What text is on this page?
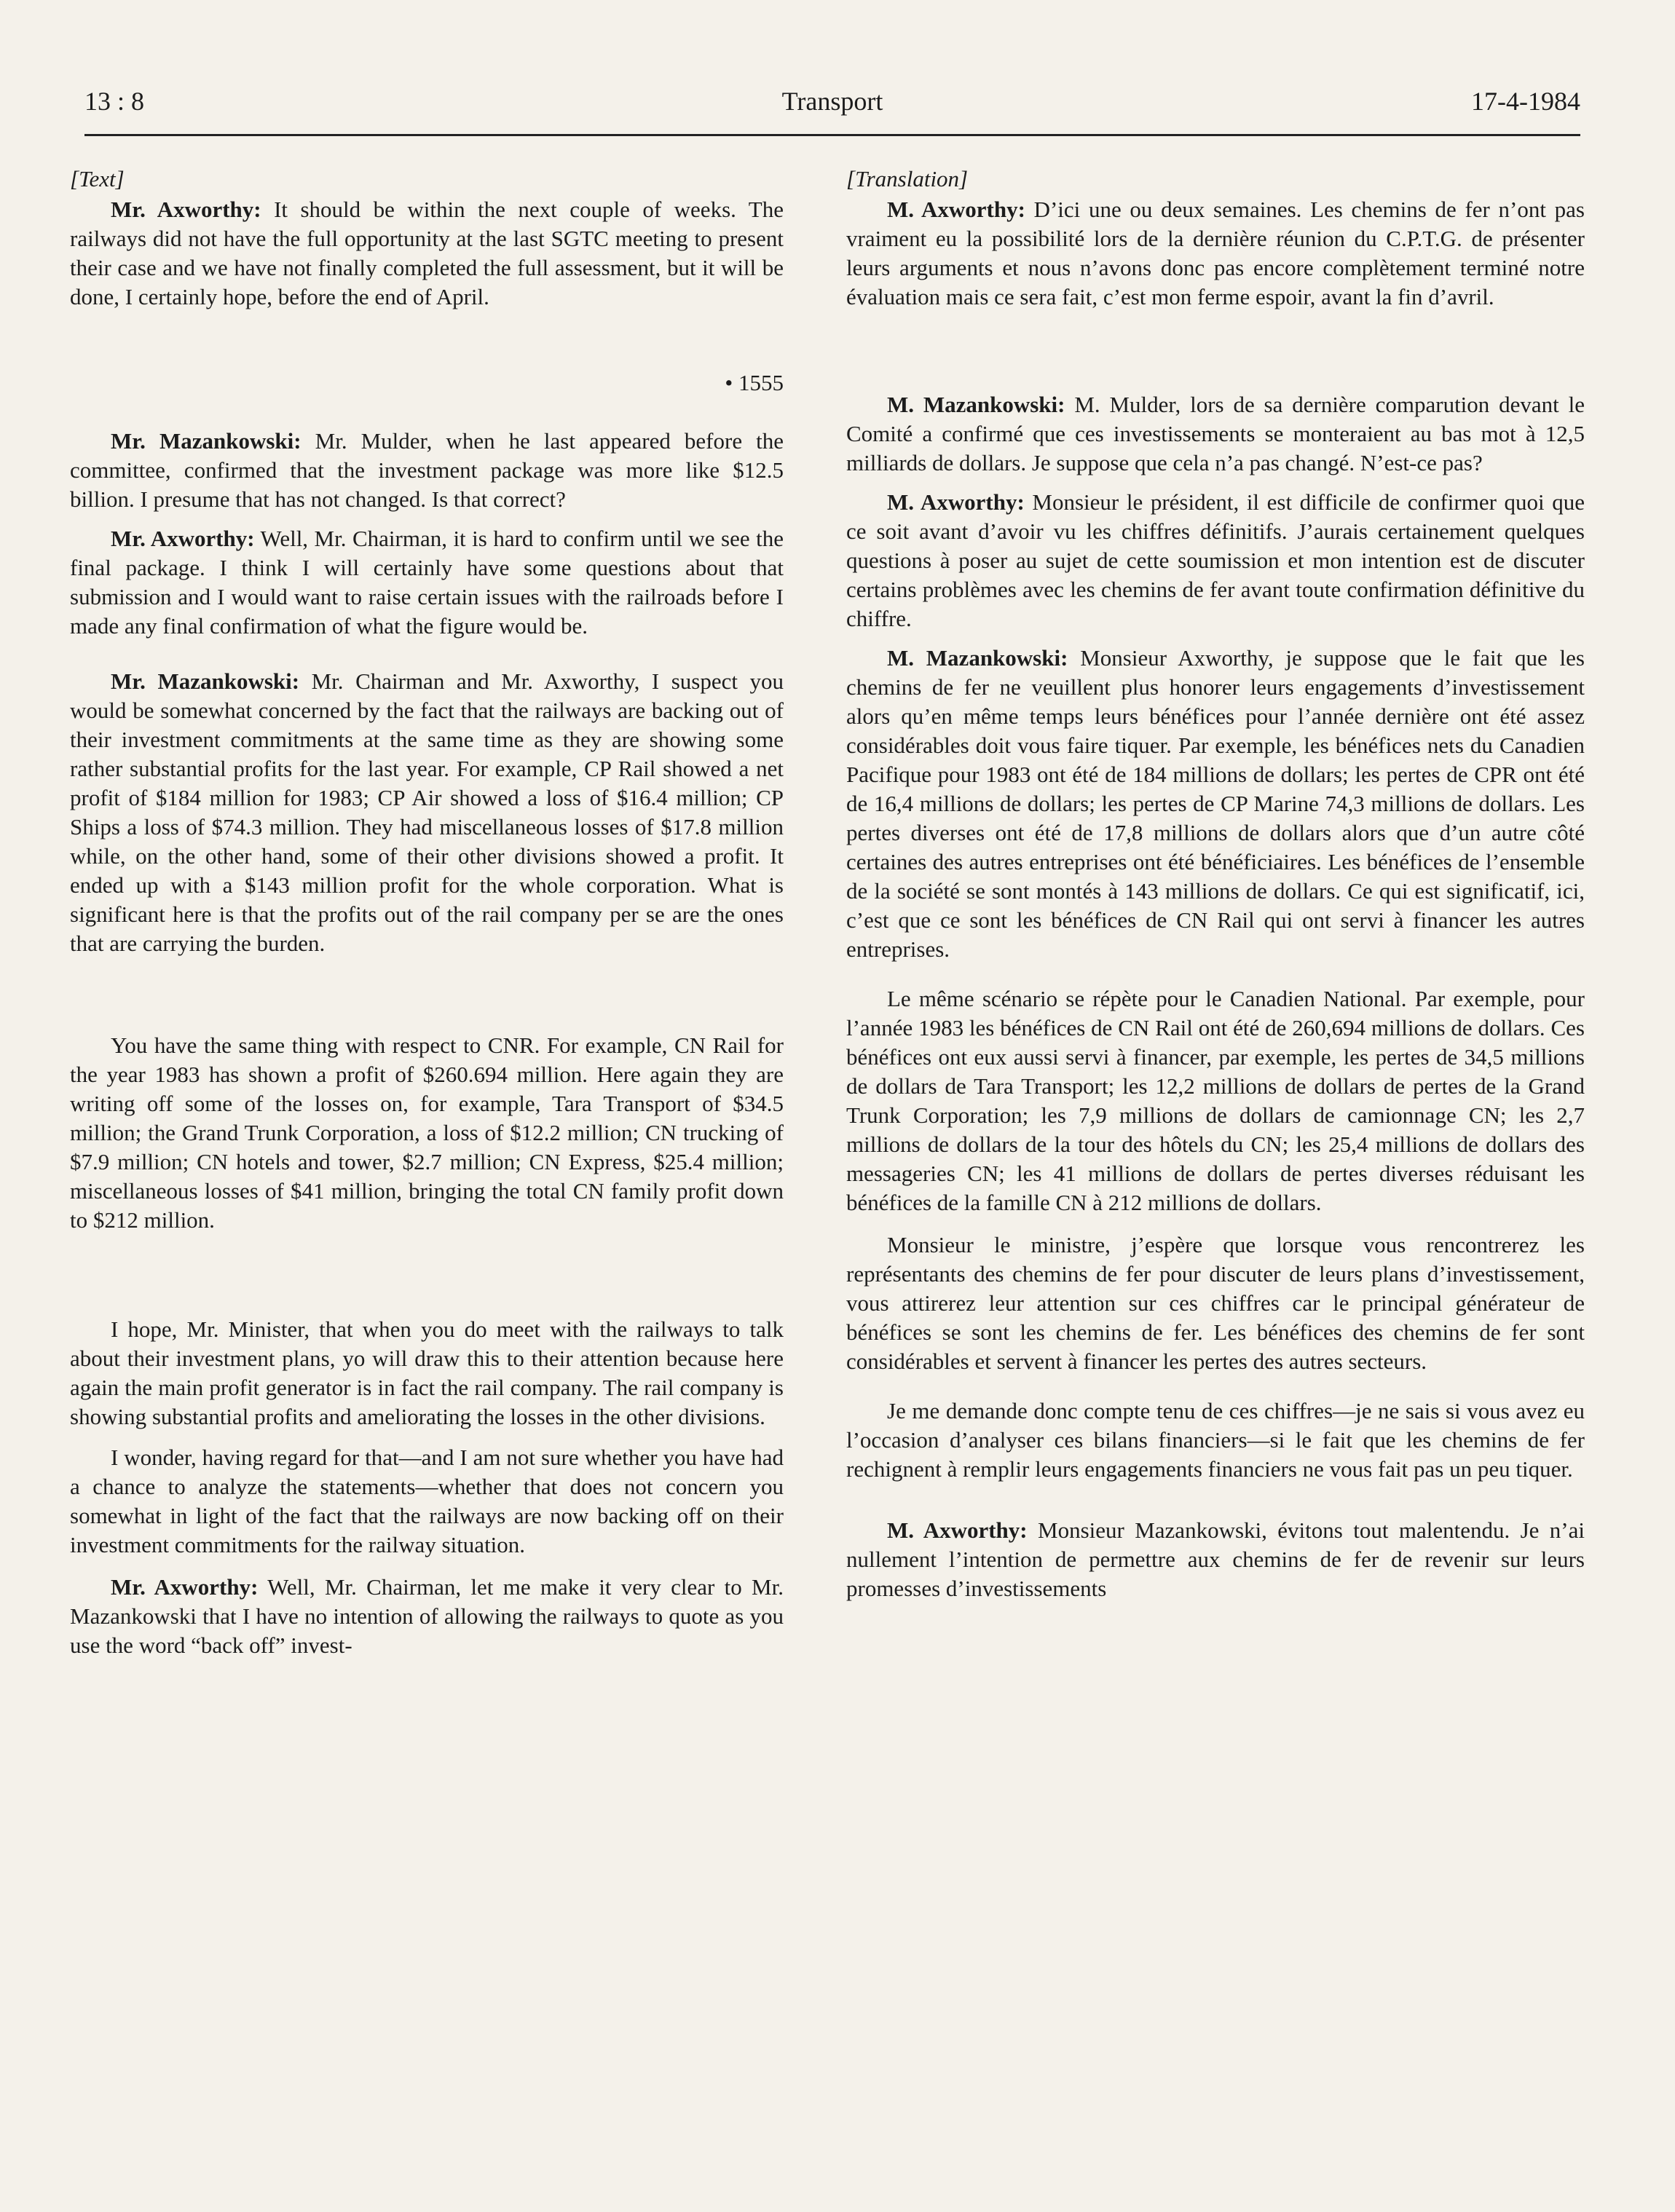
13 : 8	Transport	17-4-1984

[Text]

Mr. Axworthy: It should be within the next couple of weeks. The railways did not have the full opportunity at the last SGTC meeting to present their case and we have not finally completed the full assessment, but it will be done, I certainly hope, before the end of April.

• 1555

Mr. Mazankowski: Mr. Mulder, when he last appeared before the committee, confirmed that the investment package was more like $12.5 billion. I presume that has not changed. Is that correct?

Mr. Axworthy: Well, Mr. Chairman, it is hard to confirm until we see the final package. I think I will certainly have some questions about that submission and I would want to raise certain issues with the railroads before I made any final confirmation of what the figure would be.

Mr. Mazankowski: Mr. Chairman and Mr. Axworthy, I suspect you would be somewhat concerned by the fact that the railways are backing out of their investment commitments at the same time as they are showing some rather substantial profits for the last year. For example, CP Rail showed a net profit of $184 million for 1983; CP Air showed a loss of $16.4 million; CP Ships a loss of $74.3 million. They had miscellaneous losses of $17.8 million while, on the other hand, some of their other divisions showed a profit. It ended up with a $143 million profit for the whole corporation. What is significant here is that the profits out of the rail company per se are the ones that are carrying the burden.

You have the same thing with respect to CNR. For example, CN Rail for the year 1983 has shown a profit of $260.694 million. Here again they are writing off some of the losses on, for example, Tara Transport of $34.5 million; the Grand Trunk Corporation, a loss of $12.2 million; CN trucking of $7.9 million; CN hotels and tower, $2.7 million; CN Express, $25.4 million; miscellaneous losses of $41 million, bringing the total CN family profit down to $212 million.

I hope, Mr. Minister, that when you do meet with the railways to talk about their investment plans, yo will draw this to their attention because here again the main profit generator is in fact the rail company. The rail company is showing substantial profits and ameliorating the losses in the other divisions.

I wonder, having regard for that—and I am not sure whether you have had a chance to analyze the statements—whether that does not concern you somewhat in light of the fact that the railways are now backing off on their investment commitments for the railway situation.

Mr. Axworthy: Well, Mr. Chairman, let me make it very clear to Mr. Mazankowski that I have no intention of allowing the railways to quote as you use the word “back off” invest-

[Translation]

M. Axworthy: D’ici une ou deux semaines. Les chemins de fer n’ont pas vraiment eu la possibilité lors de la dernière réunion du C.P.T.G. de présenter leurs arguments et nous n’avons donc pas encore complètement terminé notre évaluation mais ce sera fait, c’est mon ferme espoir, avant la fin d’avril.

M. Mazankowski: M. Mulder, lors de sa dernière comparution devant le Comité a confirmé que ces investissements se monteraient au bas mot à 12,5 milliards de dollars. Je suppose que cela n’a pas changé. N’est-ce pas?

M. Axworthy: Monsieur le président, il est difficile de confirmer quoi que ce soit avant d’avoir vu les chiffres définitifs. J’aurais certainement quelques questions à poser au sujet de cette soumission et mon intention est de discuter certains problèmes avec les chemins de fer avant toute confirmation définitive du chiffre.

M. Mazankowski: Monsieur Axworthy, je suppose que le fait que les chemins de fer ne veuillent plus honorer leurs engagements d’investissement alors qu’en même temps leurs bénéfices pour l’année dernière ont été assez considérables doit vous faire tiquer. Par exemple, les bénéfices nets du Canadien Pacifique pour 1983 ont été de 184 millions de dollars; les pertes de CPR ont été de 16,4 millions de dollars; les pertes de CP Marine 74,3 millions de dollars. Les pertes diverses ont été de 17,8 millions de dollars alors que d’un autre côté certaines des autres entreprises ont été bénéficiaires. Les bénéfices de l’ensemble de la société se sont montés à 143 millions de dollars. Ce qui est significatif, ici, c’est que ce sont les bénéfices de CN Rail qui ont servi à financer les autres entreprises.

Le même scénario se répète pour le Canadien National. Par exemple, pour l’année 1983 les bénéfices de CN Rail ont été de 260,694 millions de dollars. Ces bénéfices ont eux aussi servi à financer, par exemple, les pertes de 34,5 millions de dollars de Tara Transport; les 12,2 millions de dollars de pertes de la Grand Trunk Corporation; les 7,9 millions de dollars de camionnage CN; les 2,7 millions de dollars de la tour des hôtels du CN; les 25,4 millions de dollars des messageries CN; les 41 millions de dollars de pertes diverses réduisant les bénéfices de la famille CN à 212 millions de dollars.

Monsieur le ministre, j’espère que lorsque vous rencontrerez les représentants des chemins de fer pour discuter de leurs plans d’investissement, vous attirerez leur attention sur ces chiffres car le principal générateur de bénéfices se sont les chemins de fer. Les bénéfices des chemins de fer sont considérables et servent à financer les pertes des autres secteurs.

Je me demande donc compte tenu de ces chiffres—je ne sais si vous avez eu l’occasion d’analyser ces bilans financiers—si le fait que les chemins de fer rechignent à remplir leurs engagements financiers ne vous fait pas un peu tiquer.

M. Axworthy: Monsieur Mazankowski, évitons tout malentendu. Je n’ai nullement l’intention de permettre aux chemins de fer de revenir sur leurs promesses d’investissements
